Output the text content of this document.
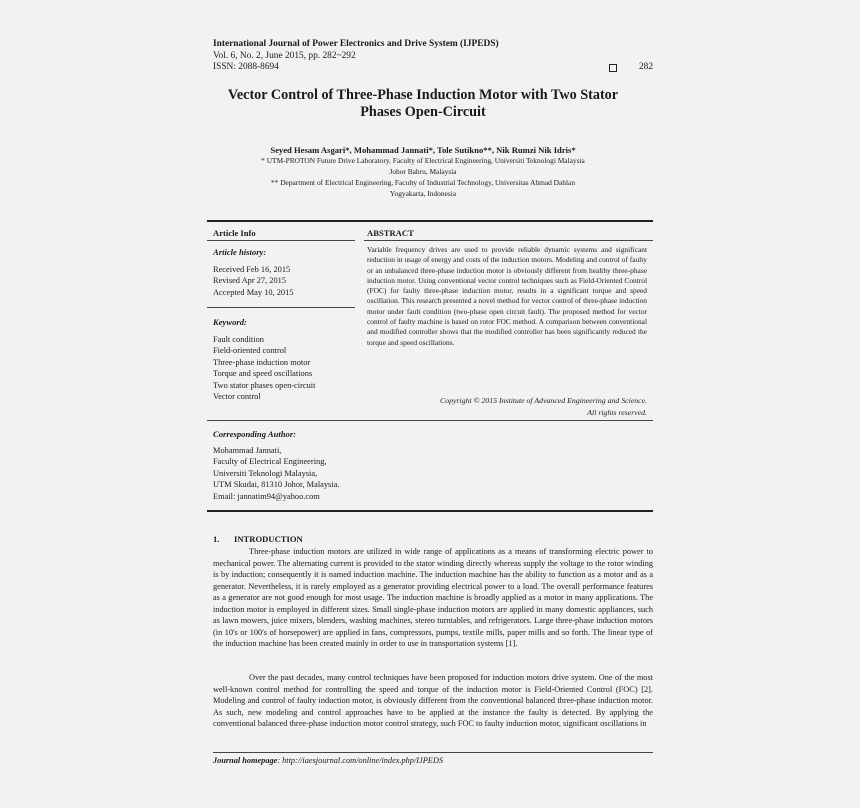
International Journal of Power Electronics and Drive System (IJPEDS)
Vol. 6, No. 2, June 2015, pp. 282~292
ISSN: 2088-8694	282
Vector Control of Three-Phase Induction Motor with Two Stator Phases Open-Circuit
Seyed Hesam Asgari*, Mohammad Jannati*, Tole Sutikno**, Nik Rumzi Nik Idris*
* UTM-PROTON Future Drive Laboratory, Faculty of Electrical Engineering, Universiti Teknologi Malaysia
Johor Bahru, Malaysia
** Department of Electrical Engineering, Faculty of Industrial Technology, Universitas Ahmad Dahlan
Yogyakarta, Indonesia
Article Info
Article history:
Received Feb 16, 2015
Revised Apr 27, 2015
Accepted May 10, 2015
Keyword:
Fault condition
Field-oriented control
Three-phase induction motor
Torque and speed oscillations
Two stator phases open-circuit
Vector control
Corresponding Author:
Mohammad Jannati,
Faculty of Electrical Engineering,
Universiti Teknologi Malaysia,
UTM Skudai, 81310 Johor, Malaysia.
Email: jannatim94@yahoo.com
ABSTRACT
Variable frequency drives are used to provide reliable dynamic systems and significant reduction in usage of energy and costs of the induction motors. Modeling and control of faulty or an unbalanced three-phase induction motor is obviously different from healthy three-phase induction motor. Using conventional vector control techniques such as Field-Oriented Control (FOC) for faulty three-phase induction motor, results in a significant torque and speed oscillation. This research presented a novel method for vector control of three-phase induction motor under fault condition (two-phase open circuit fault). The proposed method for vector control of faulty machine is based on rotor FOC method. A comparison between conventional and modified controller shows that the modified controller has been significantly reduced the torque and speed oscillations.
Copyright © 2015 Institute of Advanced Engineering and Science.
All rights reserved.
1. INTRODUCTION
Three-phase induction motors are utilized in wide range of applications as a means of transforming electric power to mechanical power. The alternating current is provided to the stator winding directly whereas supply the voltage to the rotor winding is by induction; consequently it is named induction machine. The induction machine has the ability to function as a motor and as a generator. Nevertheless, it is rarely employed as a generator providing electrical power to a load. The overall performance features as a generator are not good enough for most usage. The induction machine is broadly applied as a motor in many applications. The induction motor is employed in different sizes. Small single-phase induction motors are applied in many domestic appliances, such as lawn mowers, juice mixers, blenders, washing machines, stereo turntables, and refrigerators. Large three-phase induction motors (in 10's or 100's of horsepower) are applied in fans, compressors, pumps, textile mills, paper mills and so forth. The linear type of the induction machine has been created mainly in order to use in transportation systems [1].
Over the past decades, many control techniques have been proposed for induction motors drive system. One of the most well-known control method for controlling the speed and torque of the induction motor is Field-Oriented Control (FOC) [2]. Modeling and control of faulty induction motor, is obviously different from the conventional balanced three-phase induction motor. As such, new modeling and control approaches have to be applied at the instance the faulty is detected. By applying the conventional balanced three-phase induction motor control strategy, such FOC to faulty induction motor, significant oscillations in
Journal homepage: http://iaesjournal.com/online/index.php/IJPEDS
